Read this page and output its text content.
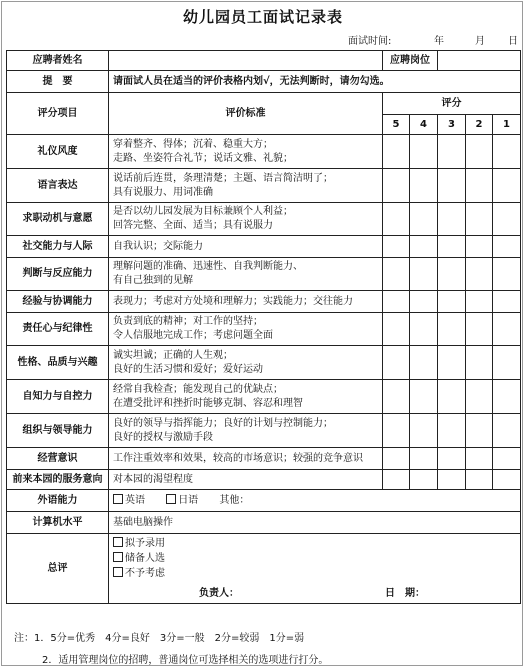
幼儿园员工面试记录表
面试时间:	年	月 日
应聘者姓名		应聘岗位				
提　要	请面试人员在适当的评价表格内划√，无法判断时，请勿勾选。					
评分项目	评价标准	评分				
		5	4	3	2	1
礼仪风度	穿着整齐、得体；沉着、稳重大方；
走路、坐姿符合礼节；说话文雅、礼貌；					

语言表达	说话前后连贯，条理清楚；主题、语言简洁明了；
具有说服力、用词准确					

求职动机与意愿	是否以幼儿园发展为目标兼顾个人利益；
回答完整、全面、适当；具有说服力					

社交能力与人际	自我认识；交际能力					

判断与反应能力	理解问题的准确、迅速性、自我判断能力、
有自己独到的见解					

经验与协调能力	表现力；考虑对方处境和理解力；实践能力；交往能力					

责任心与纪律性	负责到底的精神；对工作的坚持；
令人信服地完成工作；考虑问题全面					

性格、品质与兴趣	诚实坦诚；正确的人生观；
良好的生活习惯和爱好；爱好运动					

自知力与自控力	经常自我检查；能发现自己的优缺点；
在遭受批评和挫折时能够克制、容忍和理智					

组织与领导能力	良好的领导与指挥能力；良好的计划与控制能力；
良好的授权与激励手段					

经营意识	工作注重效率和效果，较高的市场意识；较强的竞争意识					

前来本园的服务意向	对本园的渴望程度					
外语能力	英语 日语 其他：					
计算机水平	基础电脑操作					
总评	拟予录用
储备人选
不予考虑
负责人： 日　期：					
注：1．5分=优秀　4分=良好　3分=一般　2分=较弱　1分=弱
2．适用管理岗位的招聘，普通岗位可选择相关的选项进行打分。
